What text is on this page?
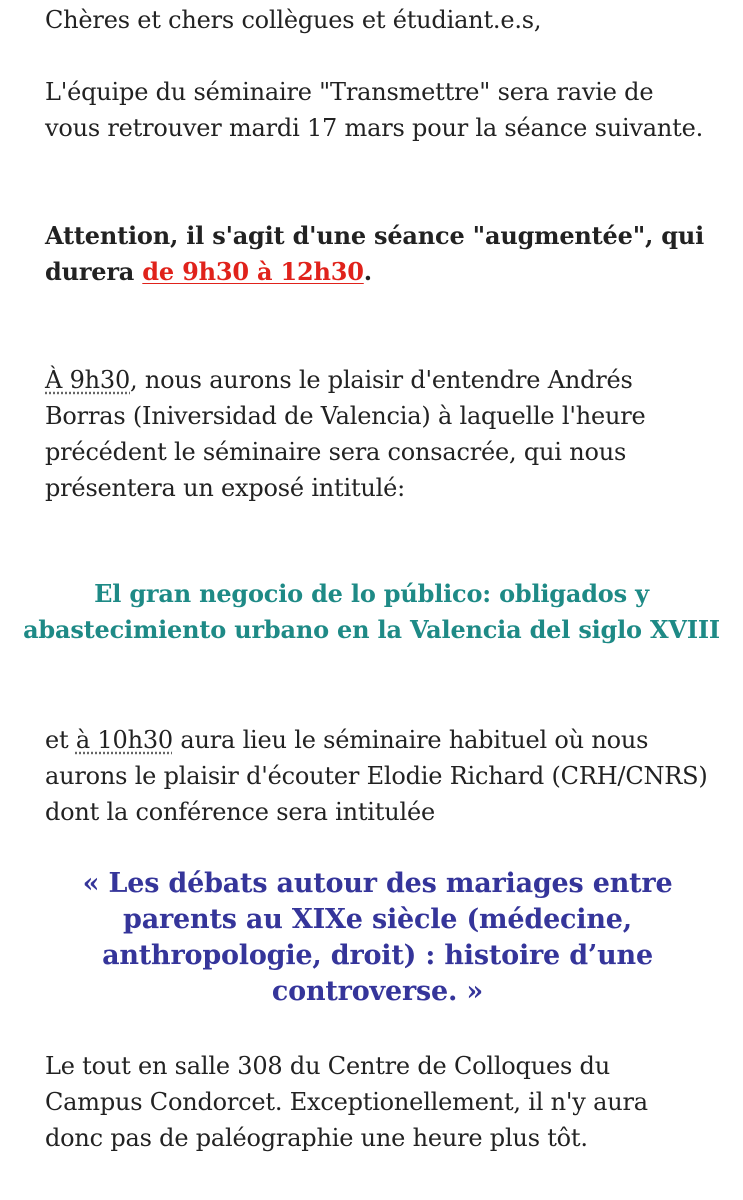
Chères et chers collègues et étudiant.e.s,

L'équipe du séminaire "Transmettre" sera ravie de vous retrouver mardi 17 mars pour la séance suivante.

Attention, il s'agit d'une séance "augmentée", qui durera de 9h30 à 12h30.

À 9h30, nous aurons le plaisir d'entendre Andrés Borras (Iniversidad de Valencia) à laquelle l'heure précédent le séminaire sera consacrée, qui nous présentera un exposé intitulé:

El gran negocio de lo público: obligados y abastecimiento urbano en la Valencia del siglo XVIII

et à 10h30 aura lieu le séminaire habituel où nous aurons le plaisir d'écouter Elodie Richard (CRH/CNRS) dont la conférence sera intitulée

« Les débats autour des mariages entre parents au XIXe siècle (médecine, anthropologie, droit) : histoire d’une controverse. »

Le tout en salle 308 du Centre de Colloques du Campus Condorcet. Exceptionellement, il n'y aura donc pas de paléographie une heure plus tôt.
